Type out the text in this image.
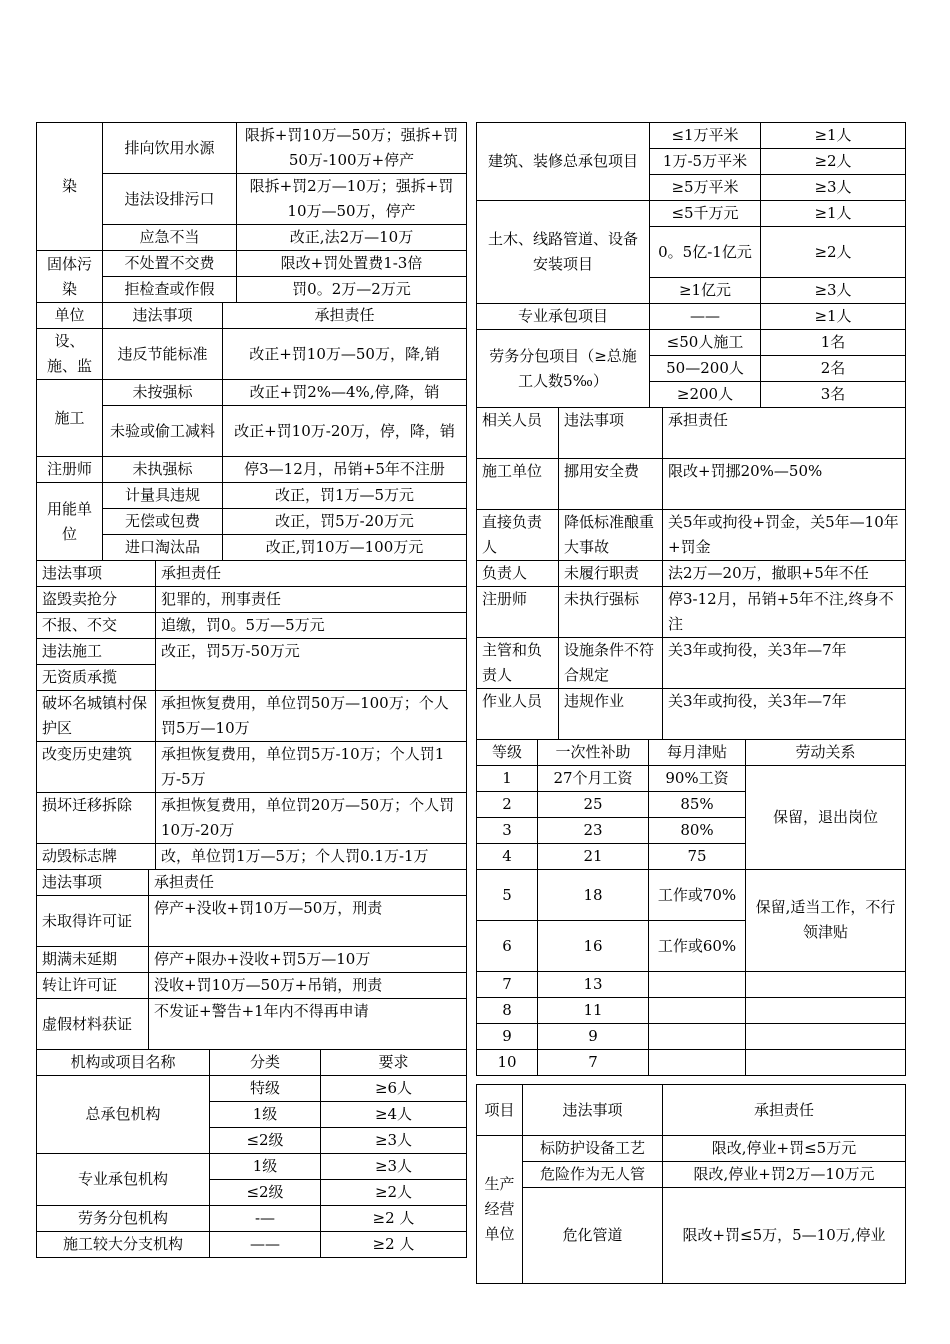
染	排向饮用水源	限拆+罚10万—50万；强拆+罚50万-100万+停产
	违法设排污口	限拆+罚2万—10万；强拆+罚10万—50万，停产
	应急不当	改正,法2万—10万
固体污染	不处置不交费	限改+罚处置费1-3倍
	拒检查或作假	罚0。2万—2万元
单位	违法事项	承担责任
设、施、监	违反节能标准	改正+罚10万—50万，降,销
施工	未按强标	改正+罚2%—4%,停,降，销
	未验或偷工减料	改正+罚10万-20万，停，降，销
注册师	未执强标	停3—12月，吊销+5年不注册
用能单位	计量具违规	改正，罚1万—5万元
	无偿或包费	改正，罚5万-20万元
	进口淘汰品	改正,罚10万—100万元
违法事项	承担责任
盗毁卖抢分	犯罪的，刑事责任
不报、不交	追缴，罚0。5万—5万元
违法施工	改正，罚5万-50万元
无资质承揽	
破坏名城镇村保护区	承担恢复费用，单位罚50万—100万；个人罚5万—10万
改变历史建筑	承担恢复费用，单位罚5万-10万；个人罚1万-5万
损坏迁移拆除	承担恢复费用，单位罚20万—50万；个人罚10万-20万
动毁标志牌	改，单位罚1万—5万；个人罚0.1万-1万
违法事项	承担责任
未取得许可证	停产+没收+罚10万—50万，刑责
期满未延期	停产+限办+没收+罚5万—10万
转让许可证	没收+罚10万—50万+吊销，刑责
虚假材料获证	不发证+警告+1年内不得再申请
机构或项目名称	分类	要求
总承包机构	特级	≥6人
	1级	≥4人
	≤2级	≥3人
专业承包机构	1级	≥3人
	≤2级	≥2人
劳务分包机构	-—	≥2 人
施工较大分支机构	——	≥2 人
建筑、装修总承包项目	≤1万平米	≥1人
	1万-5万平米	≥2人
	≥5万平米	≥3人
土木、线路管道、设备安装项目	≤5千万元	≥1人
	0。5亿-1亿元	≥2人
	≥1亿元	≥3人
专业承包项目	——	≥1人
劳务分包项目（≥总施工人数5‰）	≤50人施工	1名
	50—200人	2名
	≥200人	3名
相关人员	违法事项	承担责任
施工单位	挪用安全费	限改+罚挪20%—50%
直接负责人	降低标准酿重大事故	关5年或拘役+罚金，关5年—10年+罚金
负责人	未履行职责	法2万—20万，撤职+5年不任
注册师	未执行强标	停3-12月，吊销+5年不注,终身不注
主管和负责人	设施条件不符合规定	关3年或拘役，关3年—7年
作业人员	违规作业	关3年或拘役，关3年—7年
等级	一次性补助	每月津贴	劳动关系
1	27个月工资	90%工资	保留，退出岗位
2	25	85%	
3	23	80%	
4	21	75	
5	18	工作或70%	保留,适当工作，不行领津贴
6	16	工作或60%	
7	13		
8	11		
9	9		
10	7		
项目	违法事项	承担责任
生产经营单位	标防护设备工艺	限改,停业+罚≤5万元
	危险作为无人管	限改,停业+罚2万—10万元
	危化管道	限改+罚≤5万，5—10万,停业
